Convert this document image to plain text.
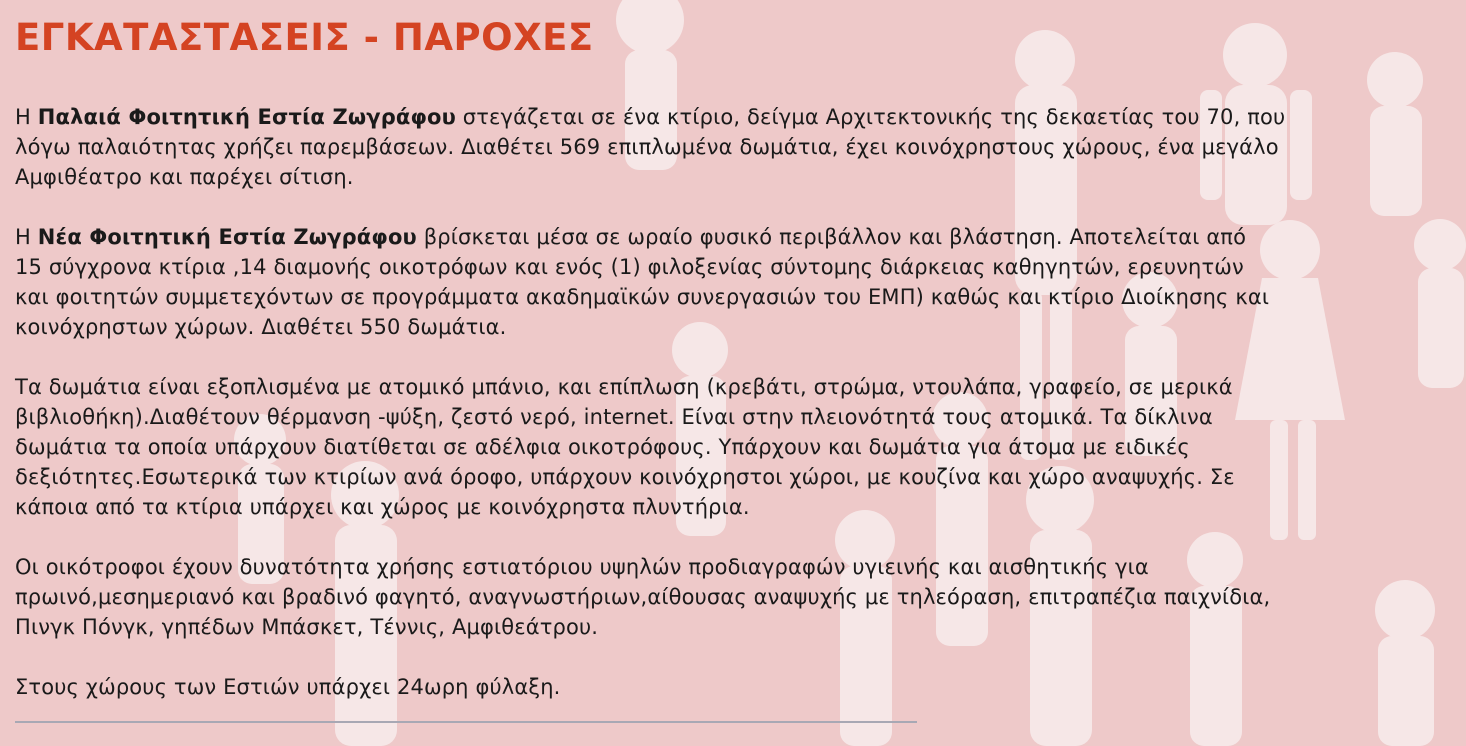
ΕΓΚΑΤΑΣΤΑΣΕΙΣ - ΠΑΡΟΧΕΣ

Η Παλαιά Φοιτητική Εστία Ζωγράφου στεγάζεται σε ένα κτίριο, δείγμα Αρχιτεκτονικής της δεκαετίας του 70, που
λόγω παλαιότητας χρήζει παρεμβάσεων. Διαθέτει 569 επιπλωμένα δωμάτια, έχει κοινόχρηστους χώρους, ένα μεγάλο
Αμφιθέατρο και παρέχει σίτιση.

Η Νέα Φοιτητική Εστία Ζωγράφου βρίσκεται μέσα σε ωραίο φυσικό περιβάλλον και βλάστηση. Αποτελείται από
15 σύγχρονα κτίρια ,14 διαμονής οικοτρόφων και ενός (1) φιλοξενίας σύντομης διάρκειας καθηγητών, ερευνητών
και φοιτητών συμμετεχόντων σε προγράμματα ακαδημαϊκών συνεργασιών του ΕΜΠ) καθώς και κτίριο Διοίκησης και
κοινόχρηστων χώρων. Διαθέτει 550 δωμάτια.

Τα δωμάτια είναι εξοπλισμένα με ατομικό μπάνιο, και επίπλωση (κρεβάτι, στρώμα, ντουλάπα, γραφείο, σε μερικά
βιβλιοθήκη).Διαθέτουν θέρμανση -ψύξη, ζεστό νερό, internet. Είναι στην πλειονότητά τους ατομικά. Τα δίκλινα
δωμάτια τα οποία υπάρχουν διατίθεται σε αδέλφια οικοτρόφους. Υπάρχουν και δωμάτια για άτομα με ειδικές
δεξιότητες.Εσωτερικά των κτιρίων ανά όροφο, υπάρχουν κοινόχρηστοι χώροι, με κουζίνα και χώρο αναψυχής. Σε
κάποια από τα κτίρια υπάρχει και χώρος με κοινόχρηστα πλυντήρια.

Οι οικότροφοι έχουν δυνατότητα χρήσης εστιατόριου υψηλών προδιαγραφών υγιεινής και αισθητικής για
πρωινό,μεσημεριανό και βραδινό φαγητό, αναγνωστήριων,αίθουσας αναψυχής με τηλεόραση, επιτραπέζια παιχνίδια,
Πινγκ Πόνγκ, γηπέδων Μπάσκετ, Τέννις, Αμφιθεάτρου.

Στους χώρους των Εστιών υπάρχει 24ωρη φύλαξη.
